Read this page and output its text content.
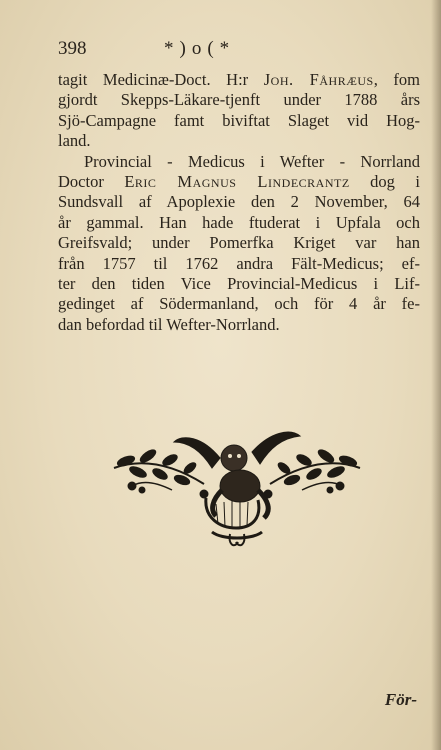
398	*)o(*
tagit Medicinæ-Doct. H:r Joh. Fåhræus, fom
gjordt Skepps-Läkare-tjenft under 1788 års
Sjö-Campagne famt biviftat Slaget vid Hog-
land.
Provincial - Medicus i Wefter - Norrland
Doctor Eric Magnus Lindecrantz dog i
Sundsvall af Apoplexie den 2 November, 64
år gammal. Han hade ftuderat i Upfala och
Greifsvald; under Pomerfka Kriget var han
från 1757 til 1762 andra Fält-Medicus; ef-
ter den tiden Vice Provincial-Medicus i Lif-
gedinget af Södermanland, och för 4 år fe-
dan befordad til Wefter-Norrland.
För-
